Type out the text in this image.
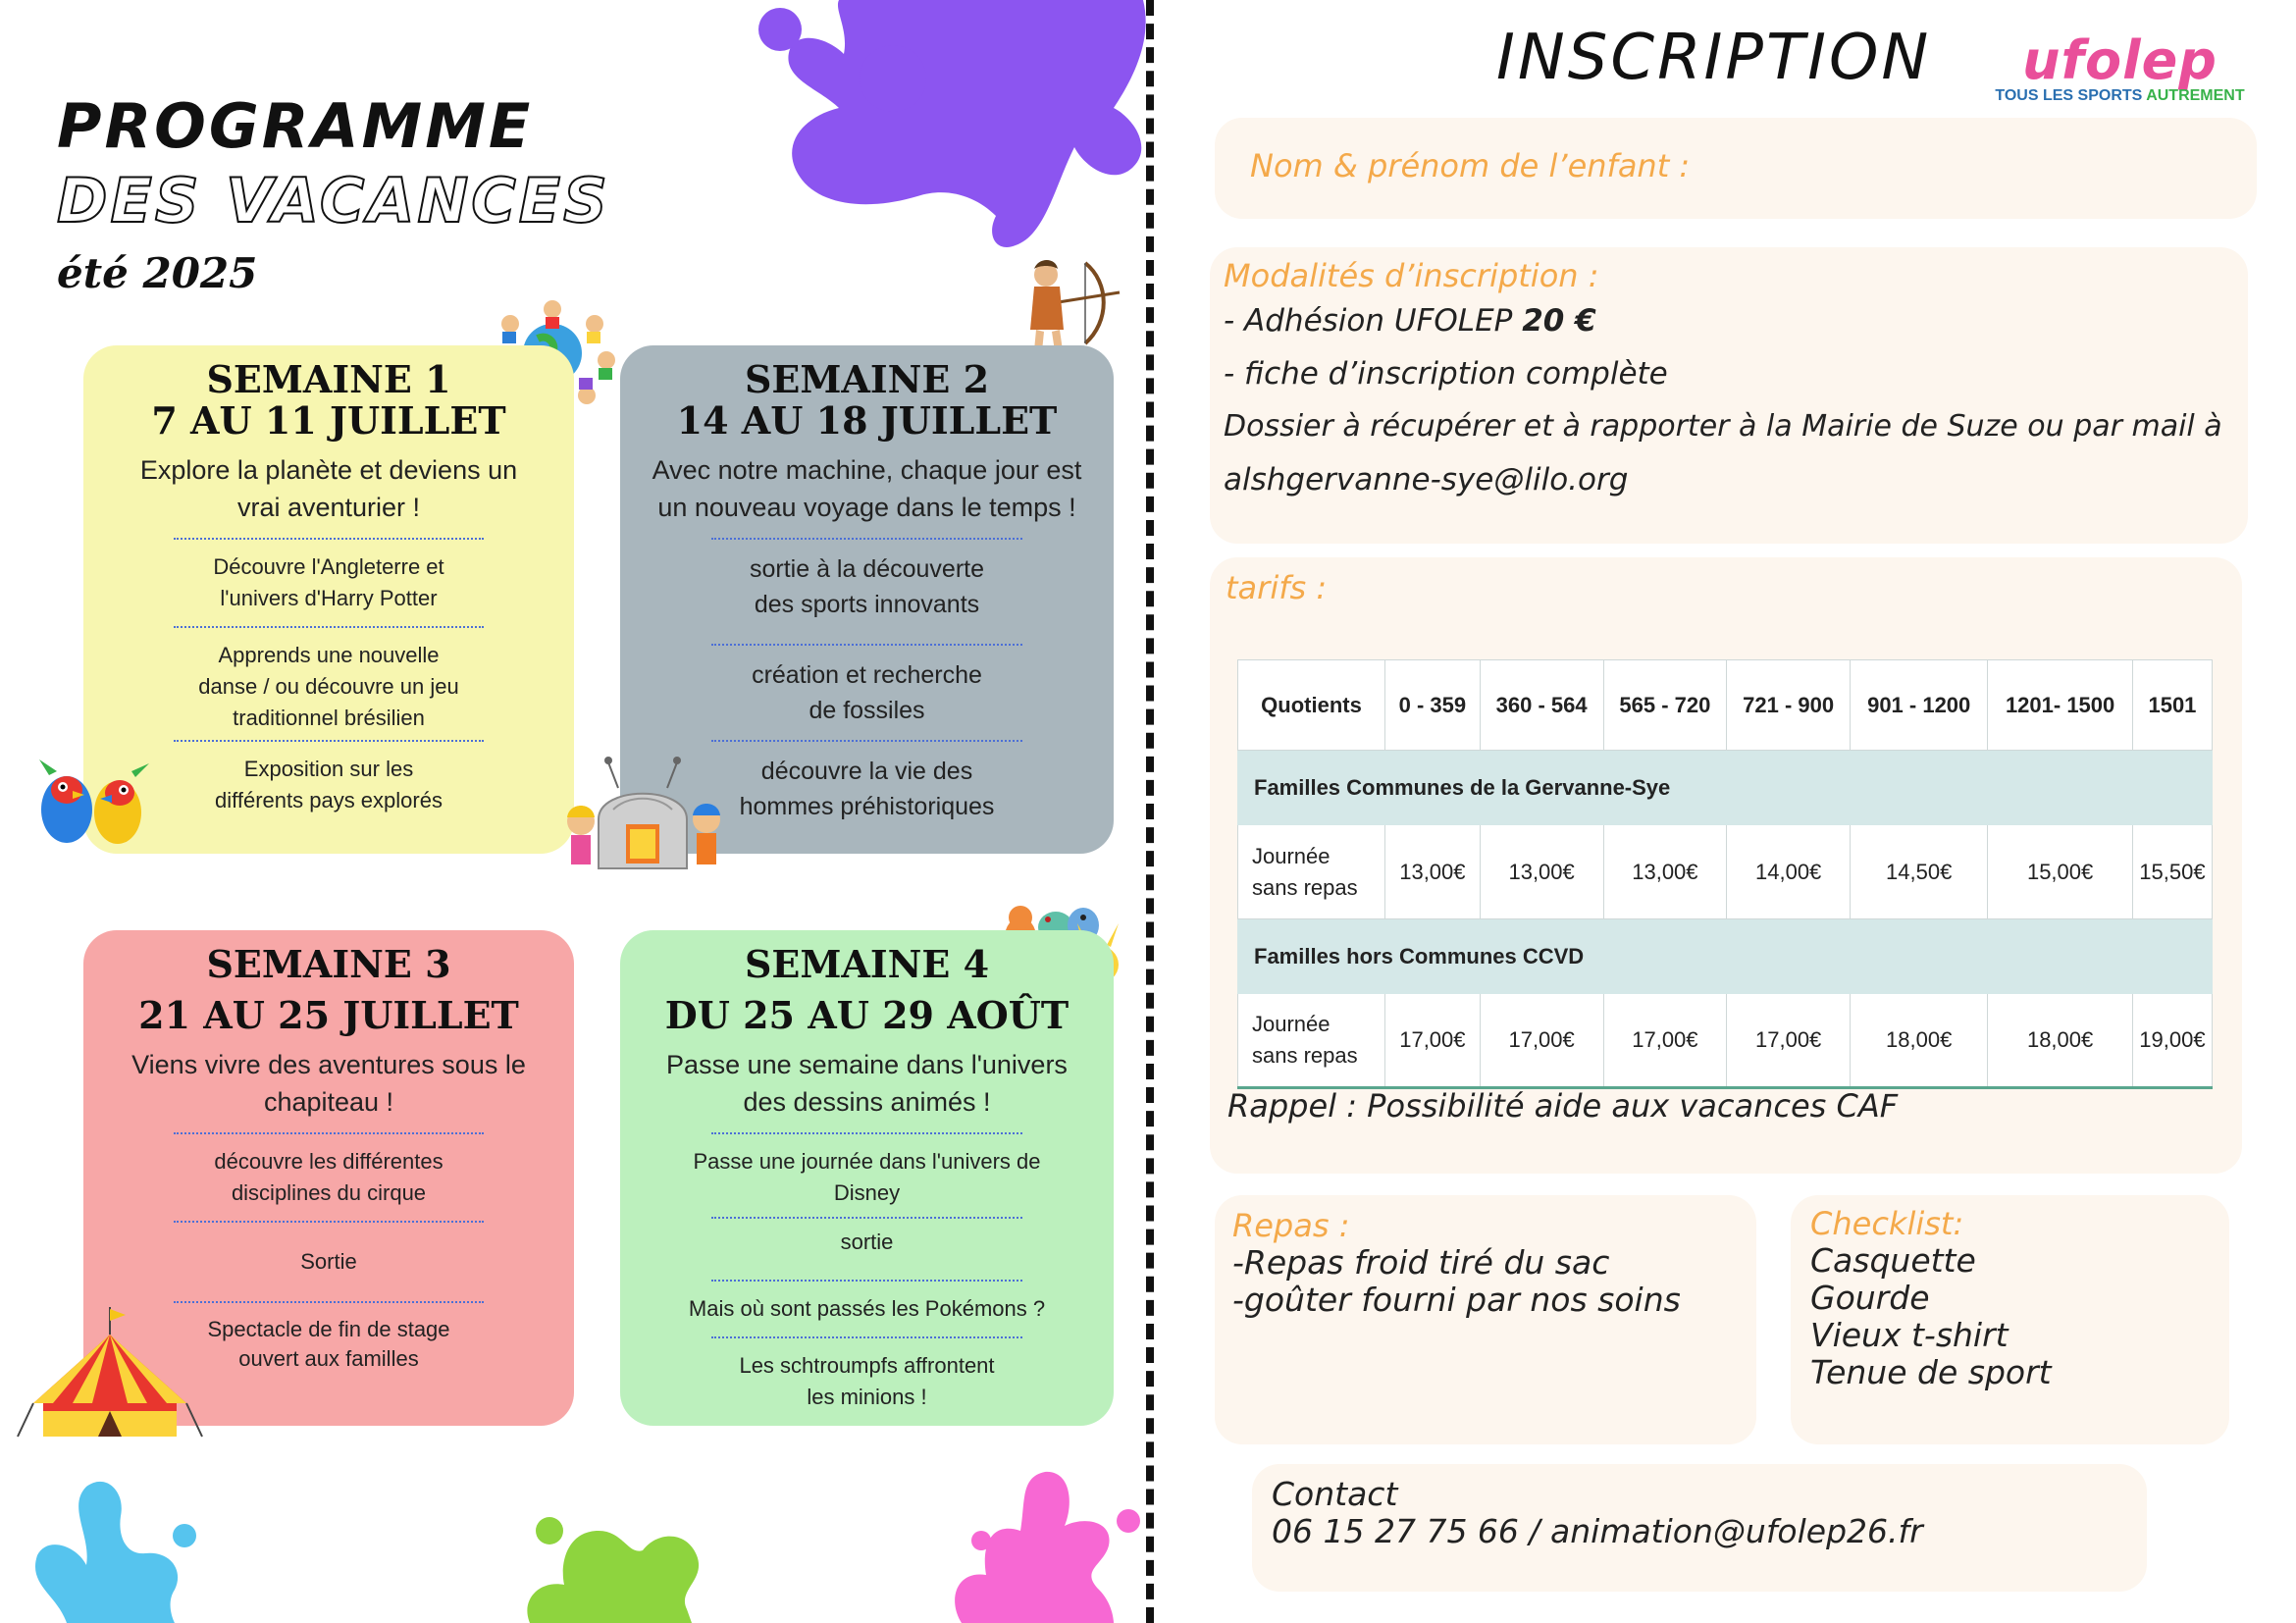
PROGRAMME
DES VACANCES
été 2025
SEMAINE 1
7 AU 11 JUILLET
Explore la planète et deviens un vrai aventurier !
Découvre l'Angleterre et l'univers d'Harry Potter
Apprends une nouvelle danse / ou découvre un jeu traditionnel brésilien
Exposition sur les différents pays explorés
SEMAINE 2
14 AU 18 JUILLET
Avec notre machine, chaque jour est un nouveau voyage dans le temps !
sortie à la découverte des sports innovants
création et recherche de fossiles
découvre la vie des hommes préhistoriques
SEMAINE 3
21 AU 25 JUILLET
Viens vivre des aventures sous le chapiteau !
découvre les différentes disciplines du cirque
Sortie
Spectacle de fin de stage ouvert aux familles
SEMAINE 4
DU 25 AU 29 AOÛT
Passe une semaine dans l'univers des dessins animés !
Passe une journée dans l'univers de Disney
sortie
Mais où sont passés les Pokémons ?
Les schtroumpfs affrontent les minions !
INSCRIPTION	ufolep
TOUS LES SPORTS AUTREMENT
Nom & prénom de l’enfant :
Modalités d’inscription :
- Adhésion UFOLEP 20 €
- fiche d’inscription complète
Dossier à récupérer et à rapporter à la Mairie de Suze ou par mail à
alshgervanne-sye@lilo.org
tarifs :
Quotients	0 - 359	360 - 564	565 - 720	721 - 900	901 - 1200	1201- 1500	1501
Familles Communes de la Gervanne-Sye							
Journée
sans repas	13,00€	13,00€	13,00€	14,00€	14,50€	15,00€	15,50€
Familles hors Communes CCVD							
Journée
sans repas	17,00€	17,00€	17,00€	17,00€	18,00€	18,00€	19,00€
Rappel : Possibilité aide aux vacances CAF
Repas :
-Repas froid tiré du sac
-goûter fourni par nos soins
Checklist:
Casquette
Gourde
Vieux t-shirt
Tenue de sport
Contact
06 15 27 75 66 / animation@ufolep26.fr
